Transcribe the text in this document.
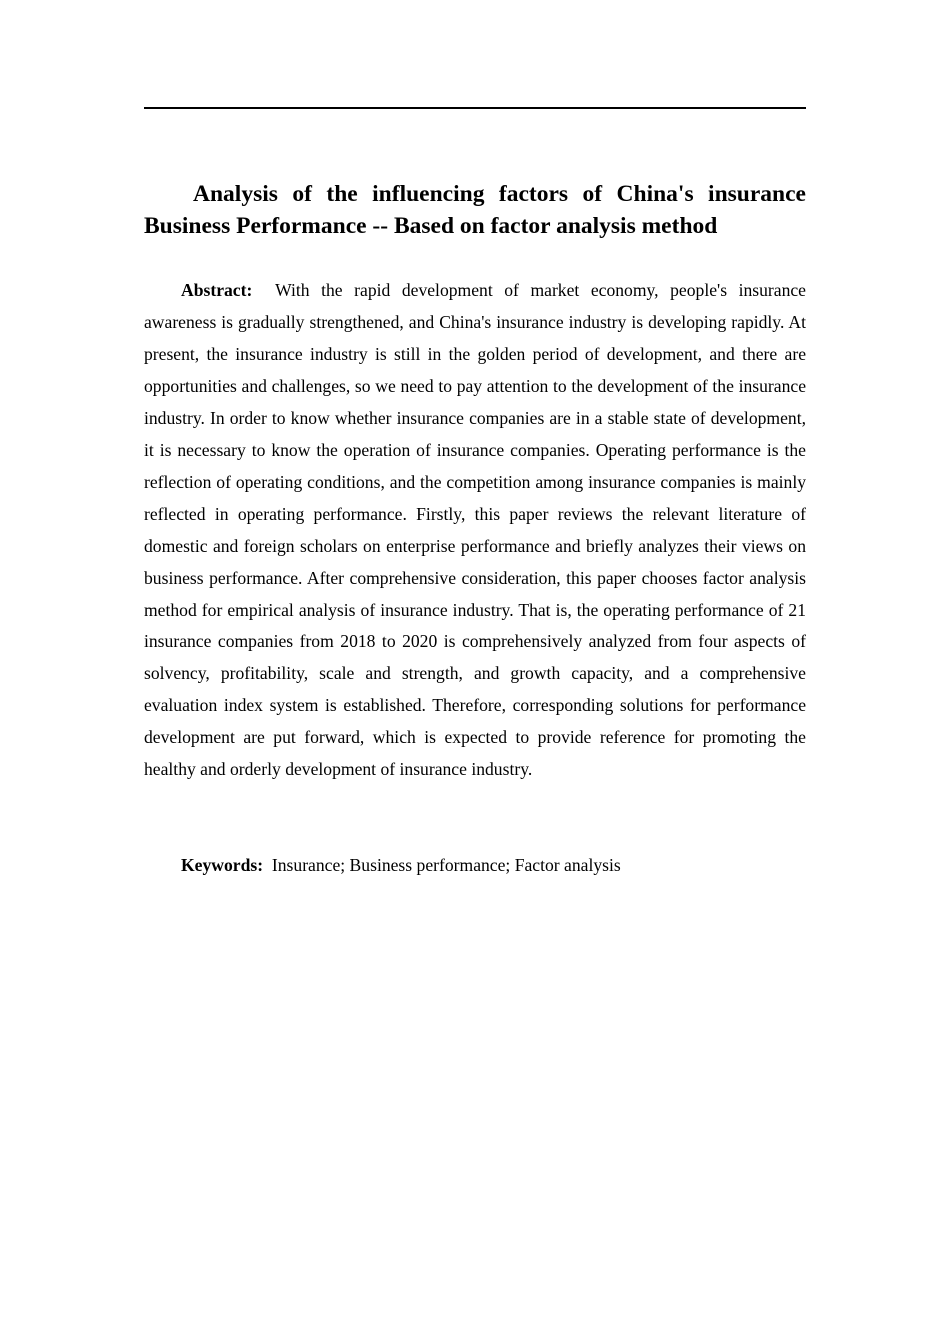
Analysis of the influencing factors of China's insurance Business Performance -- Based on factor analysis method

Abstract: With the rapid development of market economy, people's insurance awareness is gradually strengthened, and China's insurance industry is developing rapidly. At present, the insurance industry is still in the golden period of development, and there are opportunities and challenges, so we need to pay attention to the development of the insurance industry. In order to know whether insurance companies are in a stable state of development, it is necessary to know the operation of insurance companies. Operating performance is the reflection of operating conditions, and the competition among insurance companies is mainly reflected in operating performance. Firstly, this paper reviews the relevant literature of domestic and foreign scholars on enterprise performance and briefly analyzes their views on business performance. After comprehensive consideration, this paper chooses factor analysis method for empirical analysis of insurance industry. That is, the operating performance of 21 insurance companies from 2018 to 2020 is comprehensively analyzed from four aspects of solvency, profitability, scale and strength, and growth capacity, and a comprehensive evaluation index system is established. Therefore, corresponding solutions for performance development are put forward, which is expected to provide reference for promoting the healthy and orderly development of insurance industry.

Keywords: Insurance; Business performance; Factor analysis
